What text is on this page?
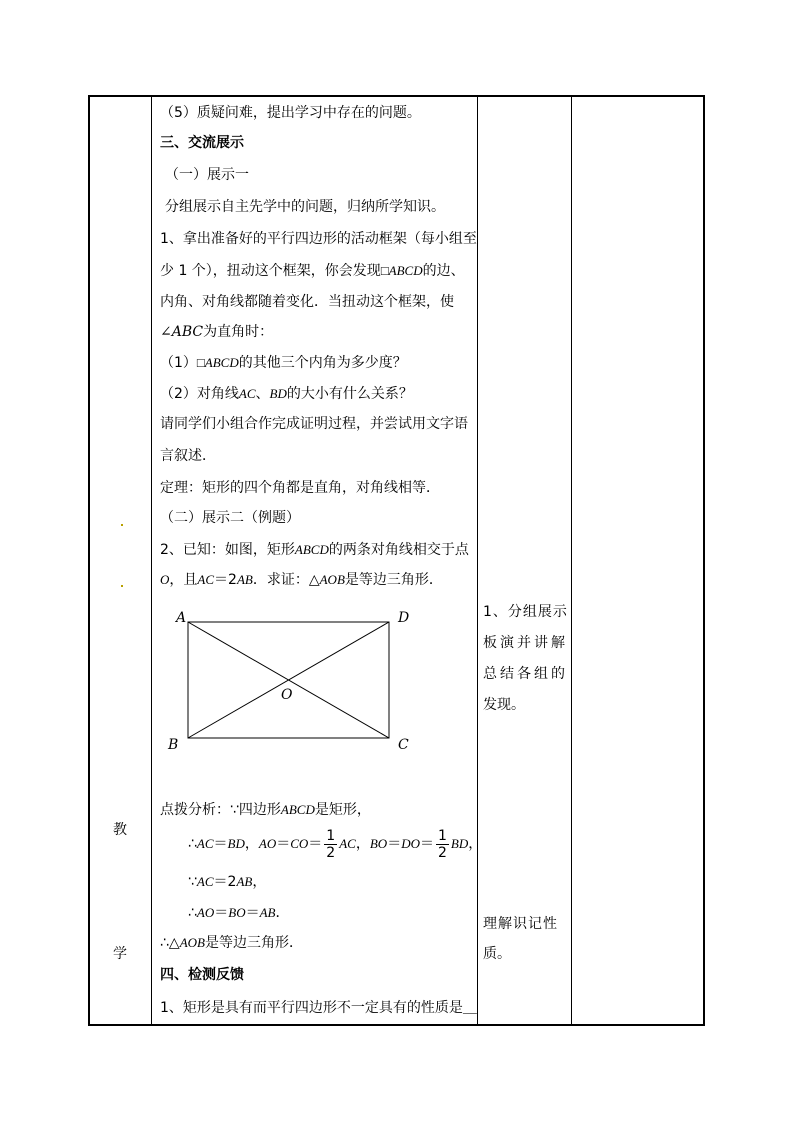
教
学
（5）质疑问难，提出学习中存在的问题。
三、交流展示
（一）展示一
分组展示自主先学中的问题，归纳所学知识。
1、拿出准备好的平行四边形的活动框架（每小组至
少 1 个），扭动这个框架，你会发现□ABCD的边、
内角、对角线都随着变化．当扭动这个框架，使
∠ABC为直角时：
（1）□ABCD的其他三个内角为多少度？
（2）对角线AC、BD的大小有什么关系？
请同学们小组合作完成证明过程，并尝试用文字语
言叙述．
定理：矩形的四个角都是直角，对角线相等．
（二）展示二（例题）
2、已知：如图，矩形ABCD的两条对角线相交于点
O，且AC＝2AB．求证：△AOB是等边三角形．
A	D
O
B	C
点拨分析：∵四边形ABCD是矩形，
∴AC＝BD，$AO=CO= \frac{1}{2}$ AC，$BO=DO= \frac{1}{2}$ BD，
∵AC＝2AB，
∴AO＝BO＝AB．
∴△AOB是等边三角形．
四、检测反馈
1、矩形是具有而平行四边形不一定具有的性质是＿
1、分组展示
板演并讲解
总结各组的
发现。
理解识记性
质。
